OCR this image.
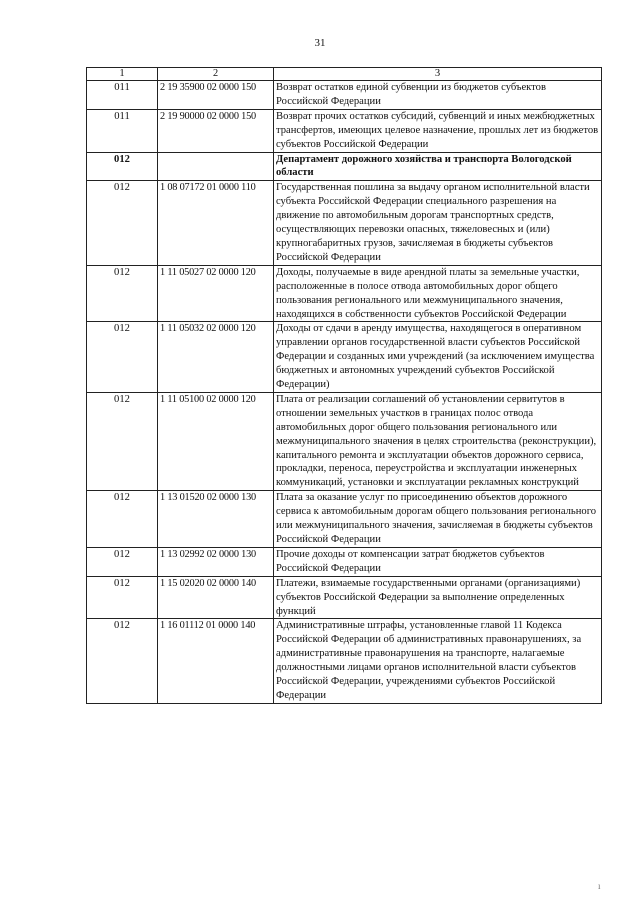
31
1	2	3
011	2 19 35900 02 0000 150	Возврат остатков единой субвенции из бюджетов субъектов Российской Федерации
011	2 19 90000 02 0000 150	Возврат прочих остатков субсидий, субвенций и иных межбюджетных трансфертов, имеющих целевое назначение, прошлых лет из бюджетов субъектов Российской Федерации
012		Департамент дорожного хозяйства и транспорта Вологодской области
012	1 08 07172 01 0000 110	Государственная пошлина за выдачу органом исполнительной власти субъекта Российской Федерации специального разрешения на движение по автомобильным дорогам транспортных средств, осуществляющих перевозки опасных, тяжеловесных и (или) крупногабаритных грузов, зачисляемая в бюджеты субъектов Российской Федерации
012	1 11 05027 02 0000 120	Доходы, получаемые в виде арендной платы за земельные участки, расположенные в полосе отвода автомобильных дорог общего пользования регионального или межмуниципального значения, находящихся в собственности субъектов Российской Федерации
012	1 11 05032 02 0000 120	Доходы от сдачи в аренду имущества, находящегося в оперативном управлении органов государственной власти субъектов Российской Федерации и созданных ими учреждений (за исключением имущества бюджетных и автономных учреждений субъектов Российской Федерации)
012	1 11 05100 02 0000 120	Плата от реализации соглашений об установлении сервитутов в отношении земельных участков в границах полос отвода автомобильных дорог общего пользования регионального или межмуниципального значения в целях строительства (реконструкции), капитального ремонта и эксплуатации объектов дорожного сервиса, прокладки, переноса, переустройства и эксплуатации инженерных коммуникаций, установки и эксплуатации рекламных конструкций
012	1 13 01520 02 0000 130	Плата за оказание услуг по присоединению объектов дорожного сервиса к автомобильным дорогам общего пользования регионального или межмуниципального значения, зачисляемая в бюджеты субъектов Российской Федерации
012	1 13 02992 02 0000 130	Прочие доходы от компенсации затрат бюджетов субъектов Российской Федерации
012	1 15 02020 02 0000 140	Платежи, взимаемые государственными органами (организациями) субъектов Российской Федерации за выполнение определенных функций
012	1 16 01112 01 0000 140	Административные штрафы, установленные главой 11 Кодекса Российской Федерации об административных правонарушениях, за административные правонарушения на транспорте, налагаемые должностными лицами органов исполнительной власти субъектов Российской Федерации, учреждениями субъектов Российской Федерации
ı
